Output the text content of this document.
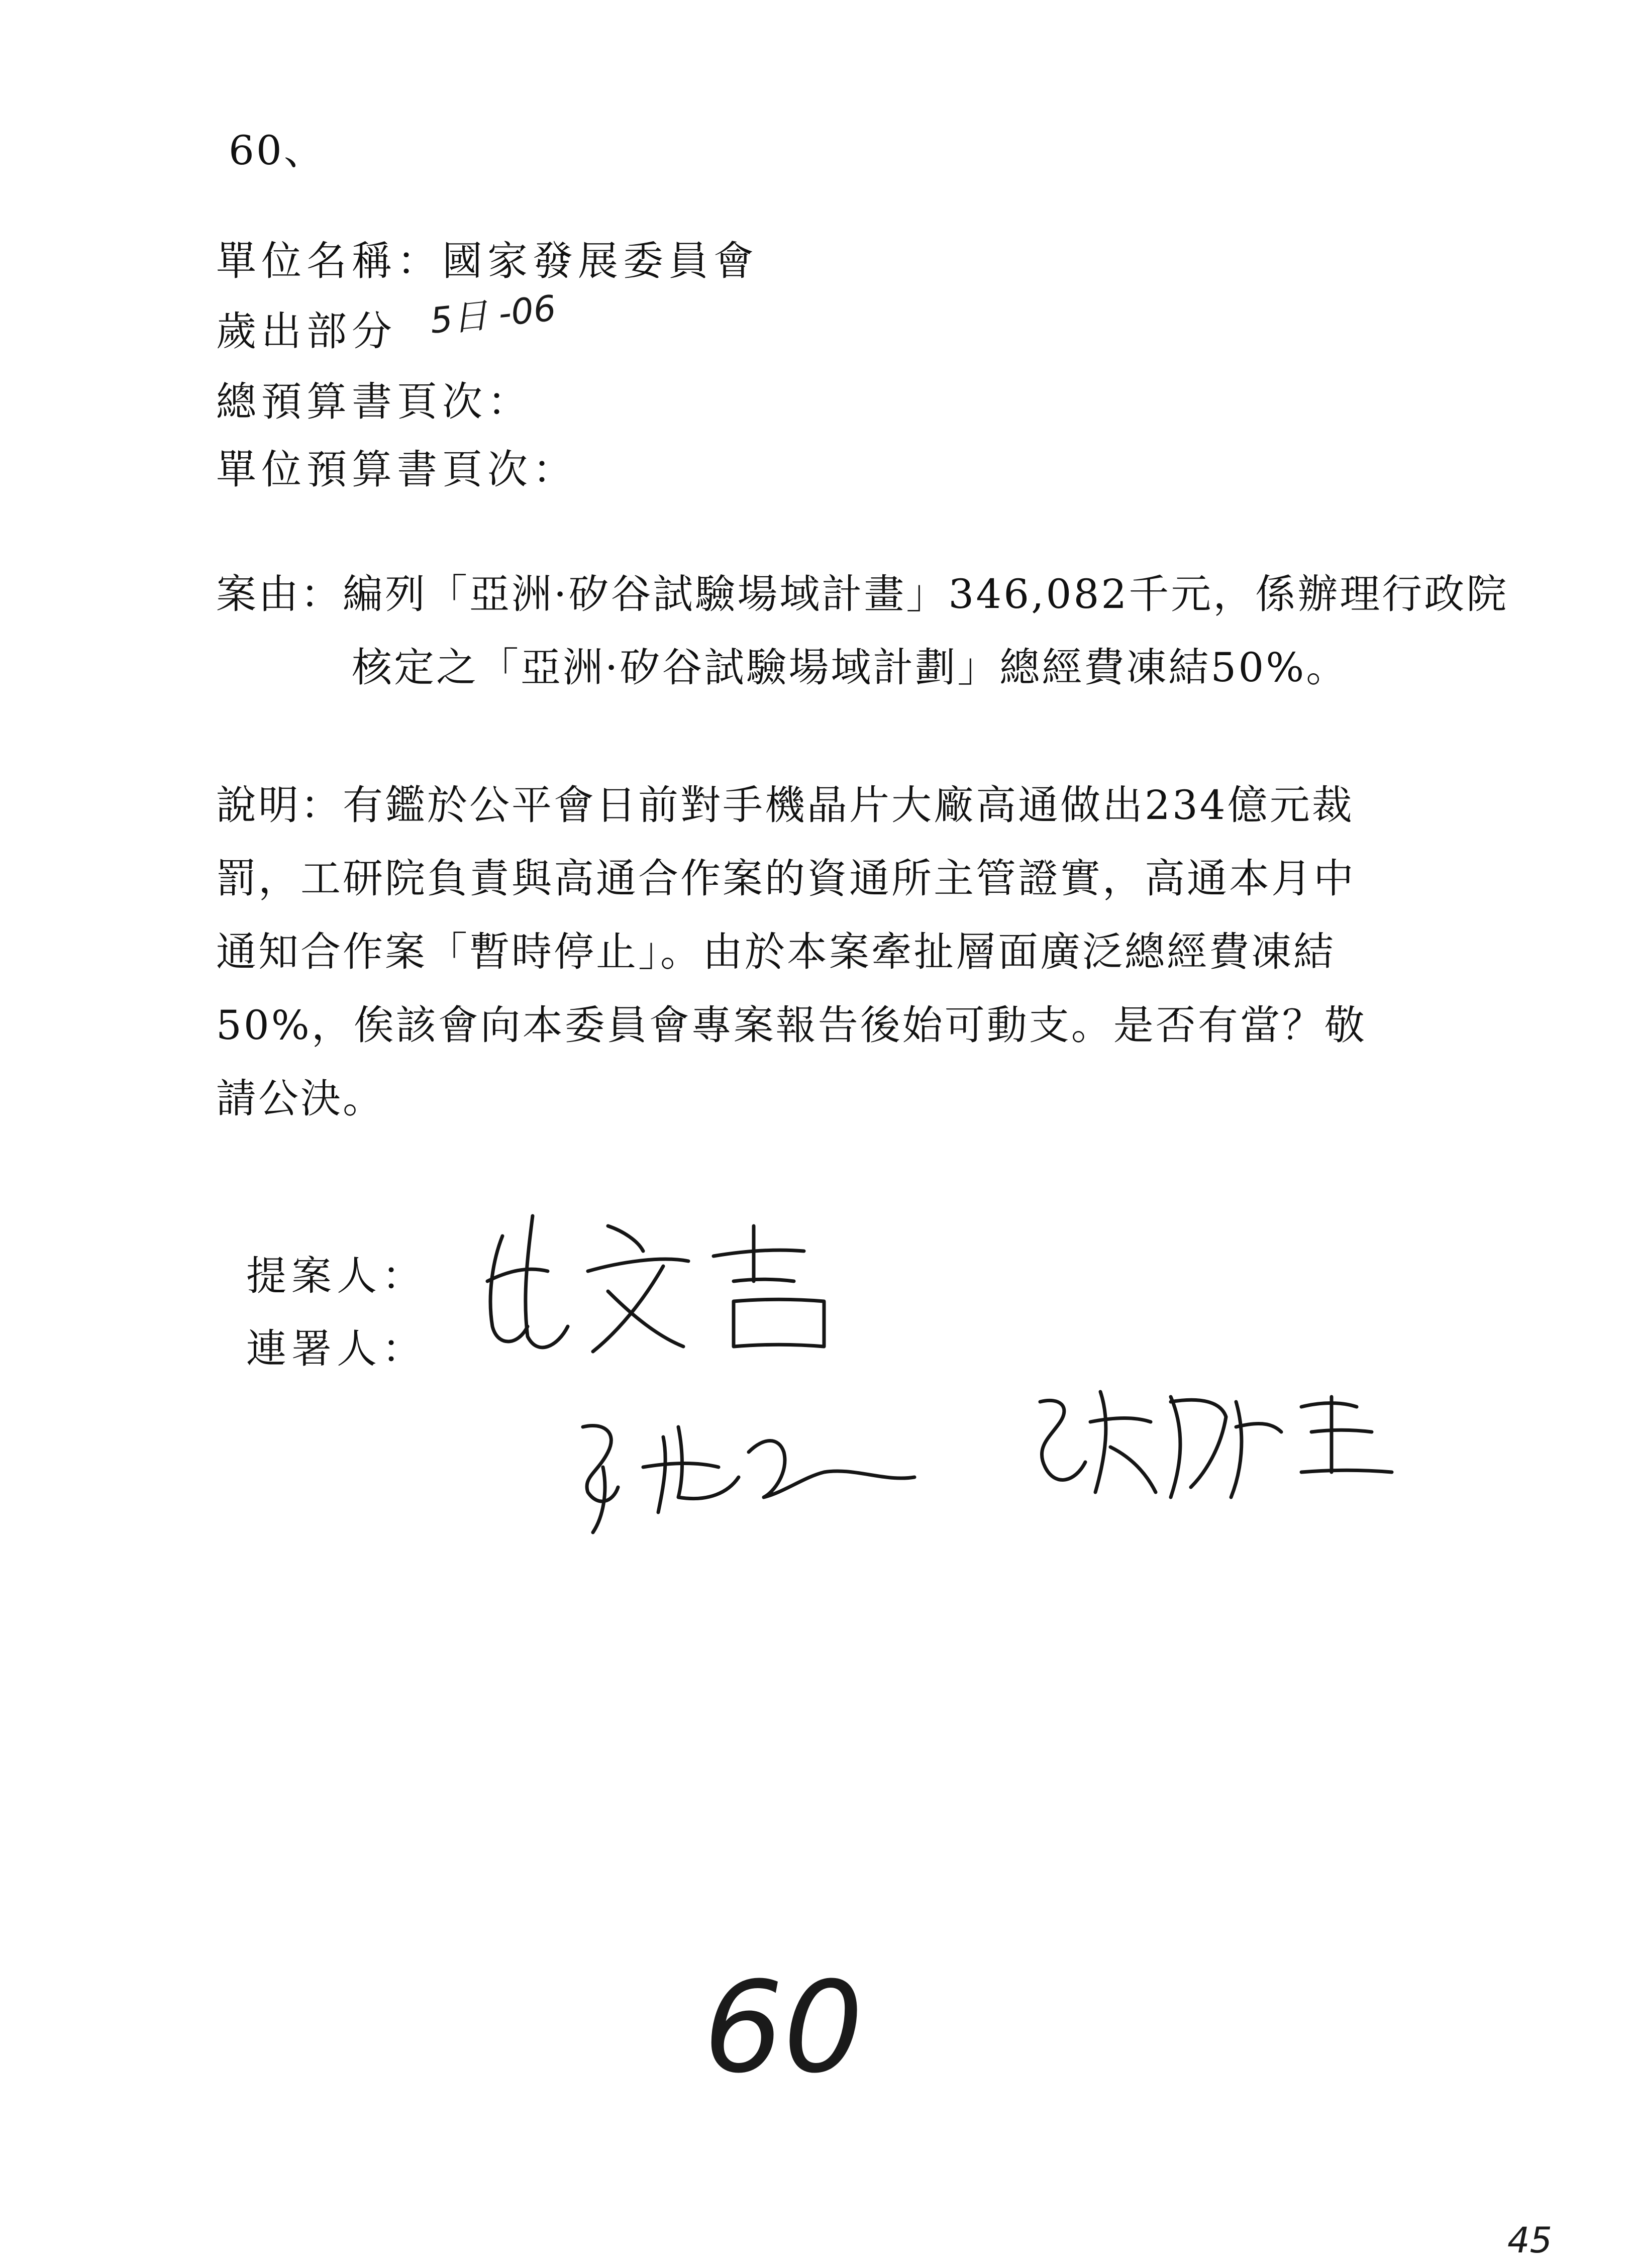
60、
單位名稱：國家發展委員會
歲出部分 5日 -06
總預算書頁次：
單位預算書頁次：
案由：編列「亞洲·矽谷試驗場域計畫」346,082千元，係辦理行政院核定之「亞洲·矽谷試驗場域計劃」總經費凍結50%。
說明：有鑑於公平會日前對手機晶片大廠高通做出234億元裁罰，工研院負責與高通合作案的資通所主管證實，高通本月中通知合作案「暫時停止」。由於本案牽扯層面廣泛總經費凍結 50%，俟該會向本委員會專案報告後始可動支。是否有當？敬請公決。
提案人：
連署人：
60
45
